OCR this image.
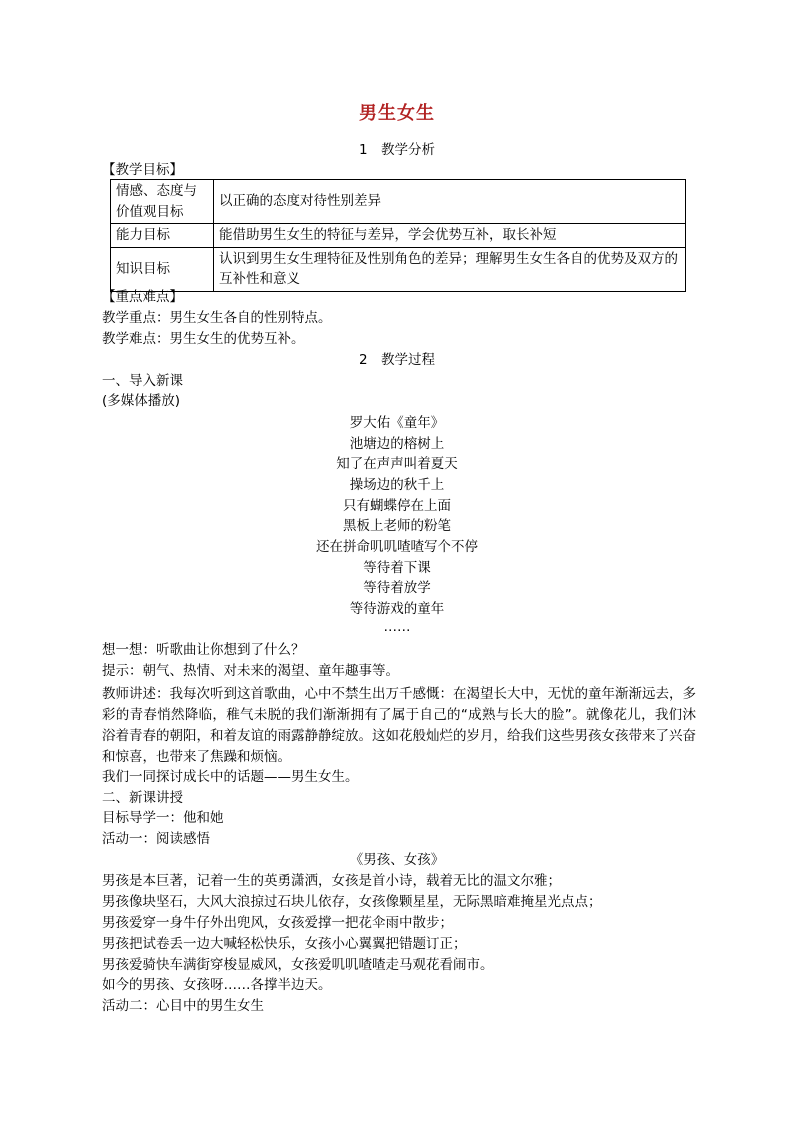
男生女生
1　教学分析
【教学目标】
情感、态度与价值观目标	以正确的态度对待性别差异
能力目标	能借助男生女生的特征与差异，学会优势互补，取长补短
知识目标	认识到男生女生理特征及性别角色的差异；理解男生女生各自的优势及双方的互补性和意义
【重点难点】
教学重点：男生女生各自的性别特点。
教学难点：男生女生的优势互补。
2　教学过程
一、导入新课
(多媒体播放)
罗大佑《童年》
池塘边的榕树上
知了在声声叫着夏天
操场边的秋千上
只有蝴蝶停在上面
黑板上老师的粉笔
还在拼命叽叽喳喳写个不停
等待着下课
等待着放学
等待游戏的童年
……
想一想：听歌曲让你想到了什么？
提示：朝气、热情、对未来的渴望、童年趣事等。
教师讲述：我每次听到这首歌曲，心中不禁生出万千感慨：在渴望长大中，无忧的童年渐渐远去，多彩的青春悄然降临，稚气未脱的我们渐渐拥有了属于自己的“成熟与长大的脸”。就像花儿，我们沐浴着青春的朝阳，和着友谊的雨露静静绽放。这如花般灿烂的岁月，给我们这些男孩女孩带来了兴奋和惊喜，也带来了焦躁和烦恼。
我们一同探讨成长中的话题——男生女生。
二、新课讲授
目标导学一：他和她
活动一：阅读感悟
《男孩、女孩》
男孩是本巨著，记着一生的英勇潇洒，女孩是首小诗，载着无比的温文尔雅；
男孩像块坚石，大风大浪掠过石块儿依存，女孩像颗星星，无际黑暗难掩星光点点；
男孩爱穿一身牛仔外出兜风，女孩爱撑一把花伞雨中散步；
男孩把试卷丢一边大喊轻松快乐，女孩小心翼翼把错题订正；
男孩爱骑快车满街穿梭显威风，女孩爱叽叽喳喳走马观花看闹市。
如今的男孩、女孩呀……各撑半边天。
活动二：心目中的男生女生
